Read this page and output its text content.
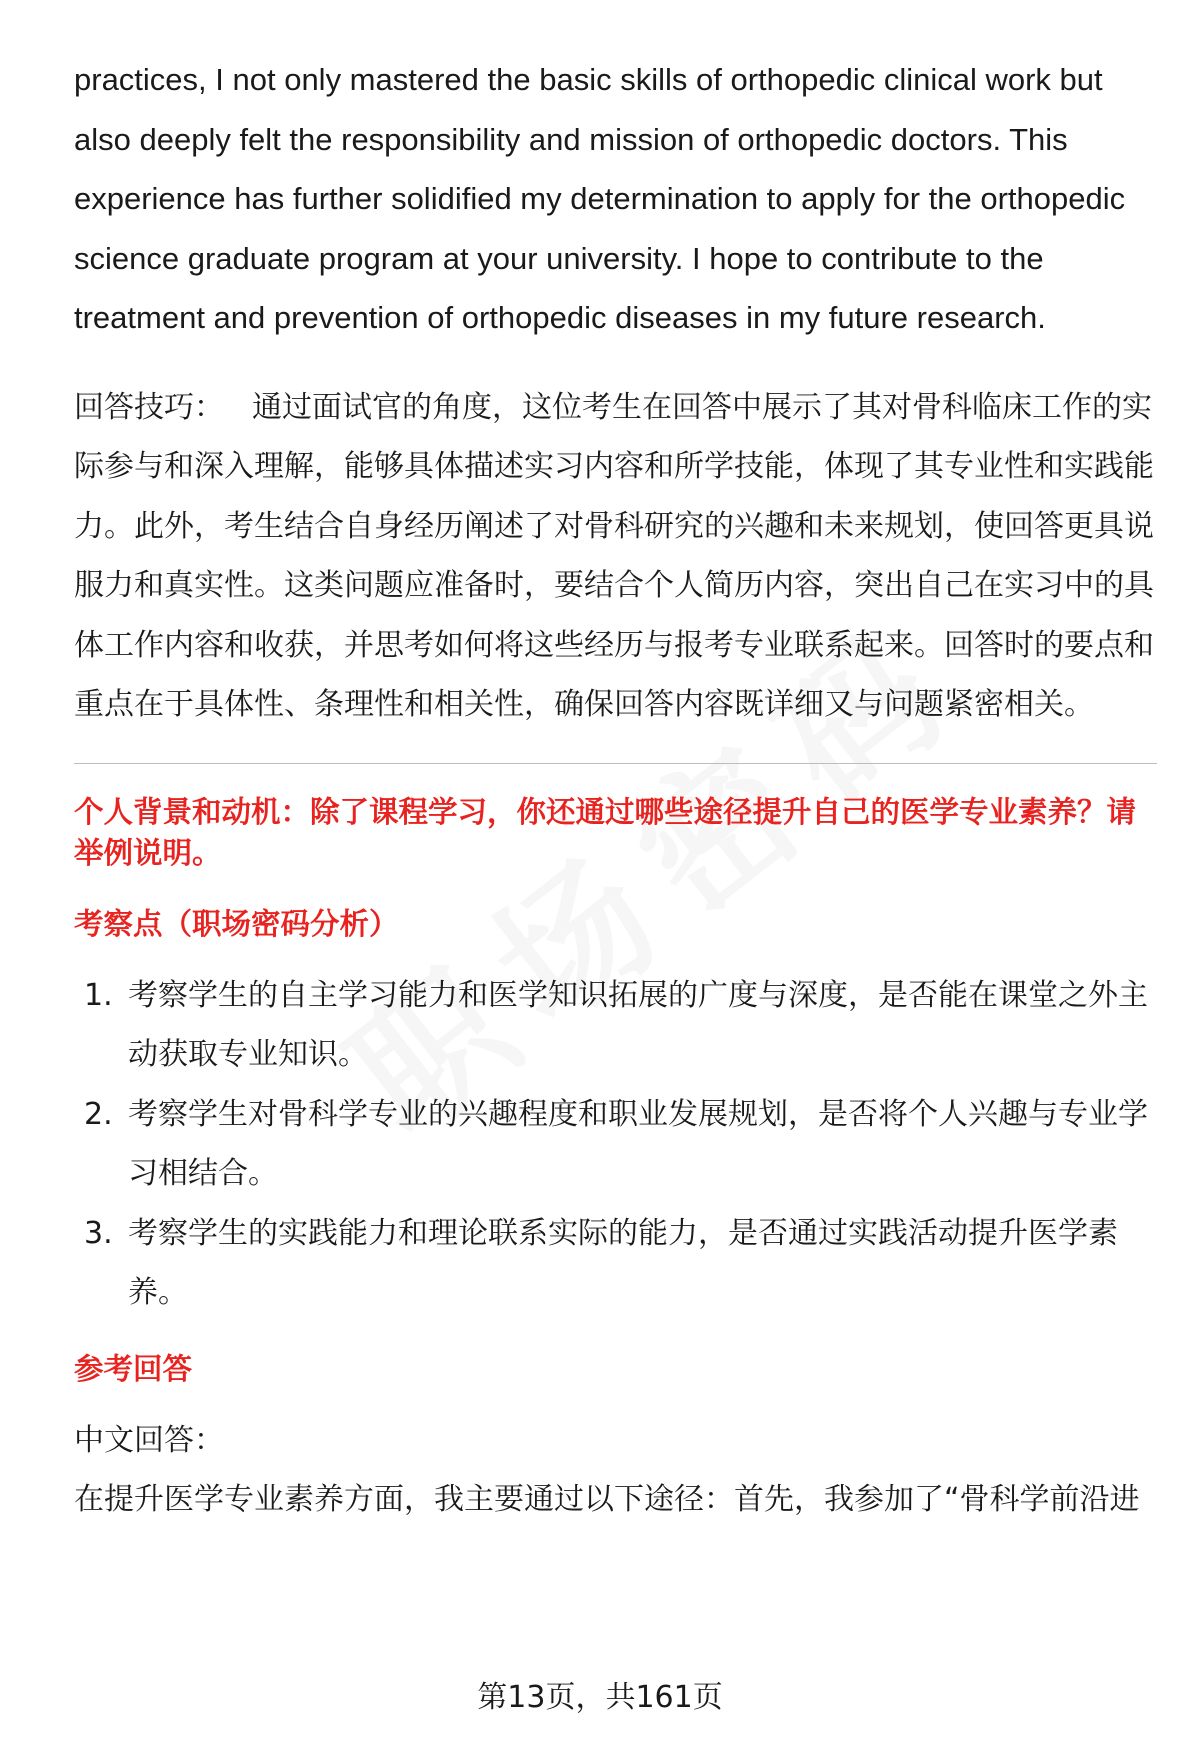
practices, I not only mastered the basic skills of orthopedic clinical work but also deeply felt the responsibility and mission of orthopedic doctors. This experience has further solidified my determination to apply for the orthopedic science graduate program at your university. I hope to contribute to the treatment and prevention of orthopedic diseases in my future research.

回答技巧： 通过面试官的角度，这位考生在回答中展示了其对骨科临床工作的实际参与和深入理解，能够具体描述实习内容和所学技能，体现了其专业性和实践能力。此外，考生结合自身经历阐述了对骨科研究的兴趣和未来规划，使回答更具说服力和真实性。这类问题应准备时，要结合个人简历内容，突出自己在实习中的具体工作内容和收获，并思考如何将这些经历与报考专业联系起来。回答时的要点和重点在于具体性、条理性和相关性，确保回答内容既详细又与问题紧密相关。

个人背景和动机：除了课程学习，你还通过哪些途径提升自己的医学专业素养？请举例说明。

考察点（职场密码分析）

1. 考察学生的自主学习能力和医学知识拓展的广度与深度，是否能在课堂之外主动获取专业知识。
2. 考察学生对骨科学专业的兴趣程度和职业发展规划，是否将个人兴趣与专业学习相结合。
3. 考察学生的实践能力和理论联系实际的能力，是否通过实践活动提升医学素养。

参考回答

中文回答：

在提升医学专业素养方面，我主要通过以下途径：首先，我参加了“骨科学前沿进

第13页，共161页
